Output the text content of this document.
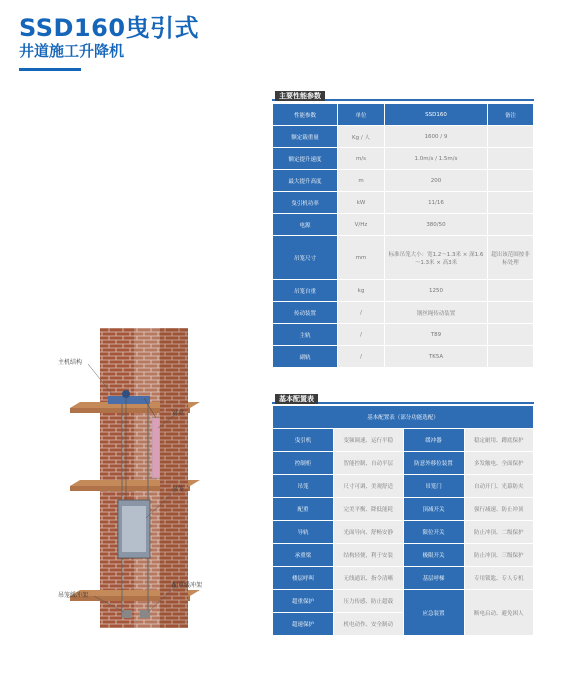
SSD160曳引式
井道施工升降机
主机结构
对重
吊笼
吊笼缓冲架
配重缓冲架
主要性能参数
性能参数	单位	SSD160	备注
额定载重量	Kg / 人	1600 / 9	
额定提升速度	m/s	1.0m/s / 1.5m/s	
最大提升高度	m	200	
曳引机功率	kW	11/16	
电源	V/Hz	380/50	
吊笼尺寸	mm	标准吊笼大小：宽1.2～1.3米 × 深1.6～1.3米 × 高3米	超出该范围按非标处理
吊笼自重	kg	1250	
传动装置	/	钢丝绳传动装置	
主轨	/	T89	
副轨	/	TK5A	
基本配置表
基本配置表（部分功能选配）			
曳引机	变频调速、运行平稳	缓冲器	稳定耐用、蹲底保护
控制柜	智能控制、自动平层	防意外移位装置	多发触电、全面保护
吊笼	尺寸可调、美观舒适	吊笼门	自动开门、光幕防夹
配重	完美平衡、降低能耗	顶减开关	强行减速、防止冲顶
导轨	光面导向、舒畅安静	限位开关	防止冲顶、二级保护
承重梁	结构轻便、利于安装	极限开关	防止冲顶、三级保护
楼层呼叫	无线通讯、指令清晰	基层呼梯	专用锁匙、专人专机
超重保护	压力传感、防止超载	应急装置	断电启动、避免困人
超速保护	机电动作、安全制动		
